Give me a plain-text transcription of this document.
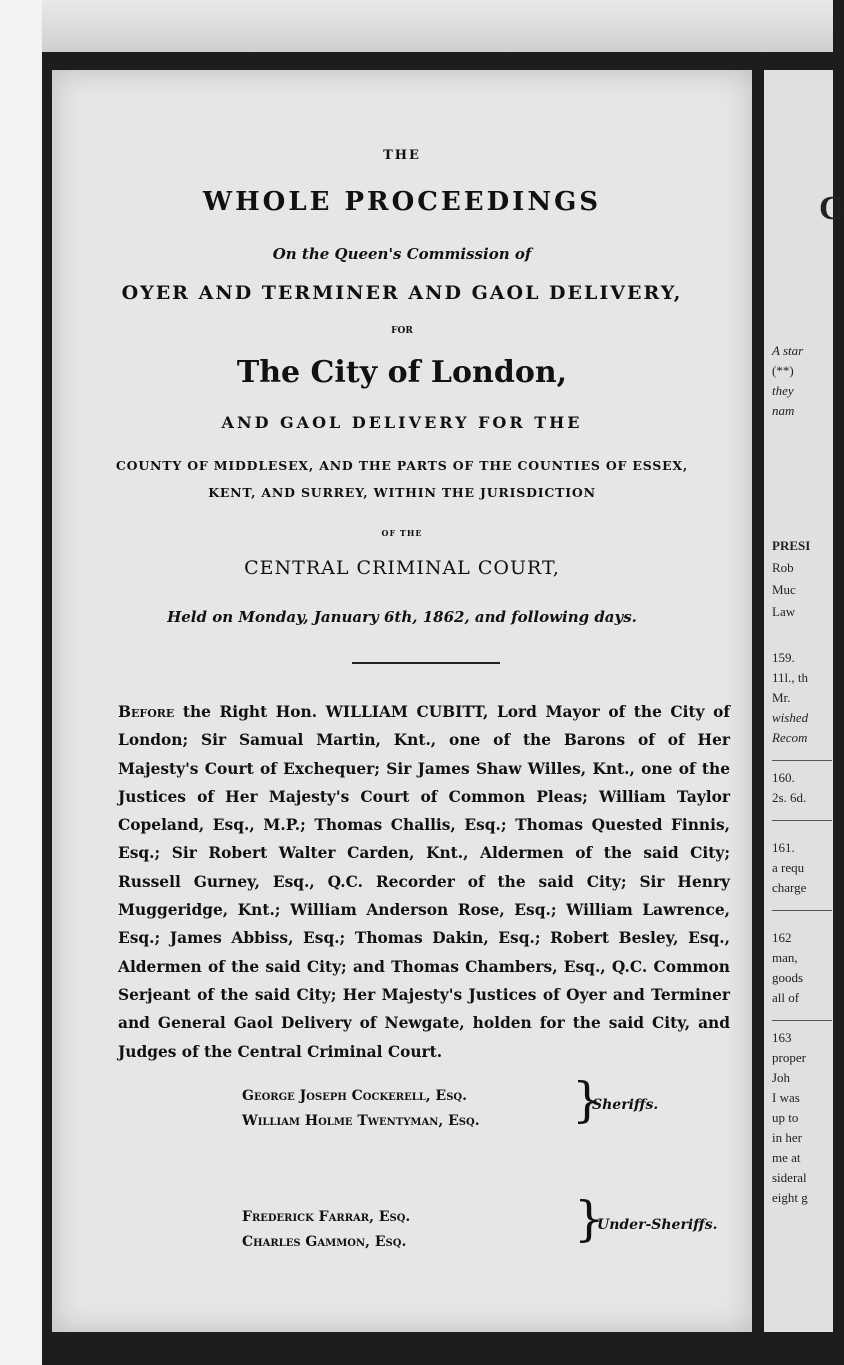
THE
WHOLE PROCEEDINGS
On the Queen's Commission of
OYER AND TERMINER AND GAOL DELIVERY,
FOR
The City of London,
AND GAOL DELIVERY FOR THE
COUNTY OF MIDDLESEX, AND THE PARTS OF THE COUNTIES OF ESSEX,
KENT, AND SURREY, WITHIN THE JURISDICTION
OF THE
CENTRAL CRIMINAL COURT,
Held on Monday, January 6th, 1862, and following days.
Before the Right Hon. WILLIAM CUBITT, Lord Mayor of the City of London; Sir Samual Martin, Knt., one of the Barons of of Her Majesty's Court of Exchequer; Sir James Shaw Willes, Knt., one of the Justices of Her Majesty's Court of Common Pleas; William Taylor Copeland, Esq., M.P.; Thomas Challis, Esq.; Thomas Quested Finnis, Esq.; Sir Robert Walter Carden, Knt., Aldermen of the said City; Russell Gurney, Esq., Q.C. Recorder of the said City; Sir Henry Muggeridge, Knt.; William Anderson Rose, Esq.; William Lawrence, Esq.; James Abbiss, Esq.; Thomas Dakin, Esq.; Robert Besley, Esq., Aldermen of the said City; and Thomas Chambers, Esq., Q.C. Common Serjeant of the said City; Her Majesty's Justices of Oyer and Terminer and General Gaol Delivery of Newgate, holden for the said City, and Judges of the Central Criminal Court.
George Joseph Cockerell, Esq.
William Holme Twentyman, Esq. }
Sheriffs.
Frederick Farrar, Esq.
Charles Gammon, Esq.	}
Under-Sheriffs.
C
A star
(**)
they
nam
PRESI
Rob
Muc
Law
159.
11l., th
Mr.
wished
Recom
160.
2s. 6d.
161.
a requ
charge
162
man,
goods
all of
163
proper
Joh
I was
up to
in her
me at
sideral
eight g
